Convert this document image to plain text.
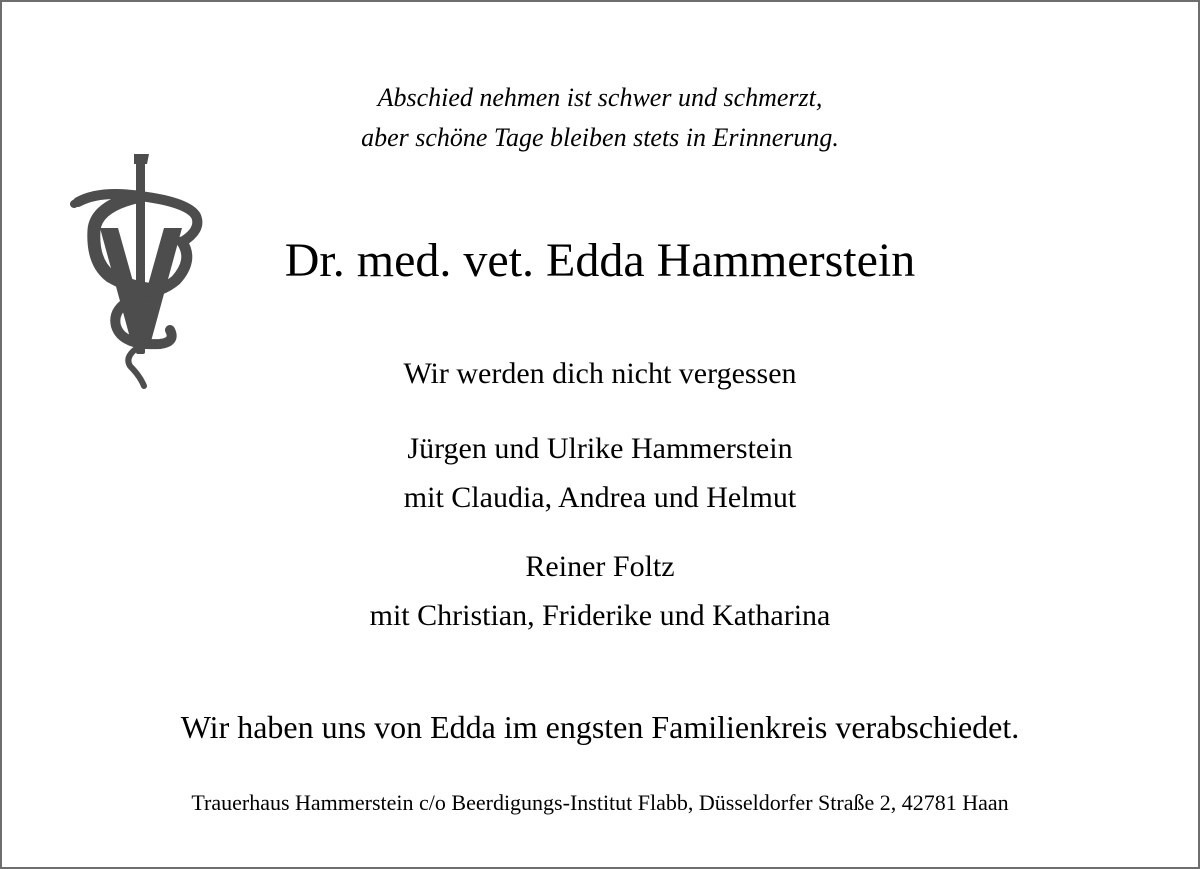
Abschied nehmen ist schwer und schmerzt,
aber schöne Tage bleiben stets in Erinnerung.
Dr. med. vet. Edda Hammerstein
Wir werden dich nicht vergessen
Jürgen und Ulrike Hammerstein
mit Claudia, Andrea und Helmut
Reiner Foltz
mit Christian, Friderike und Katharina
Wir haben uns von Edda im engsten Familienkreis verabschiedet.
Trauerhaus Hammerstein c/o Beerdigungs-Institut Flabb, Düsseldorfer Straße 2, 42781 Haan
